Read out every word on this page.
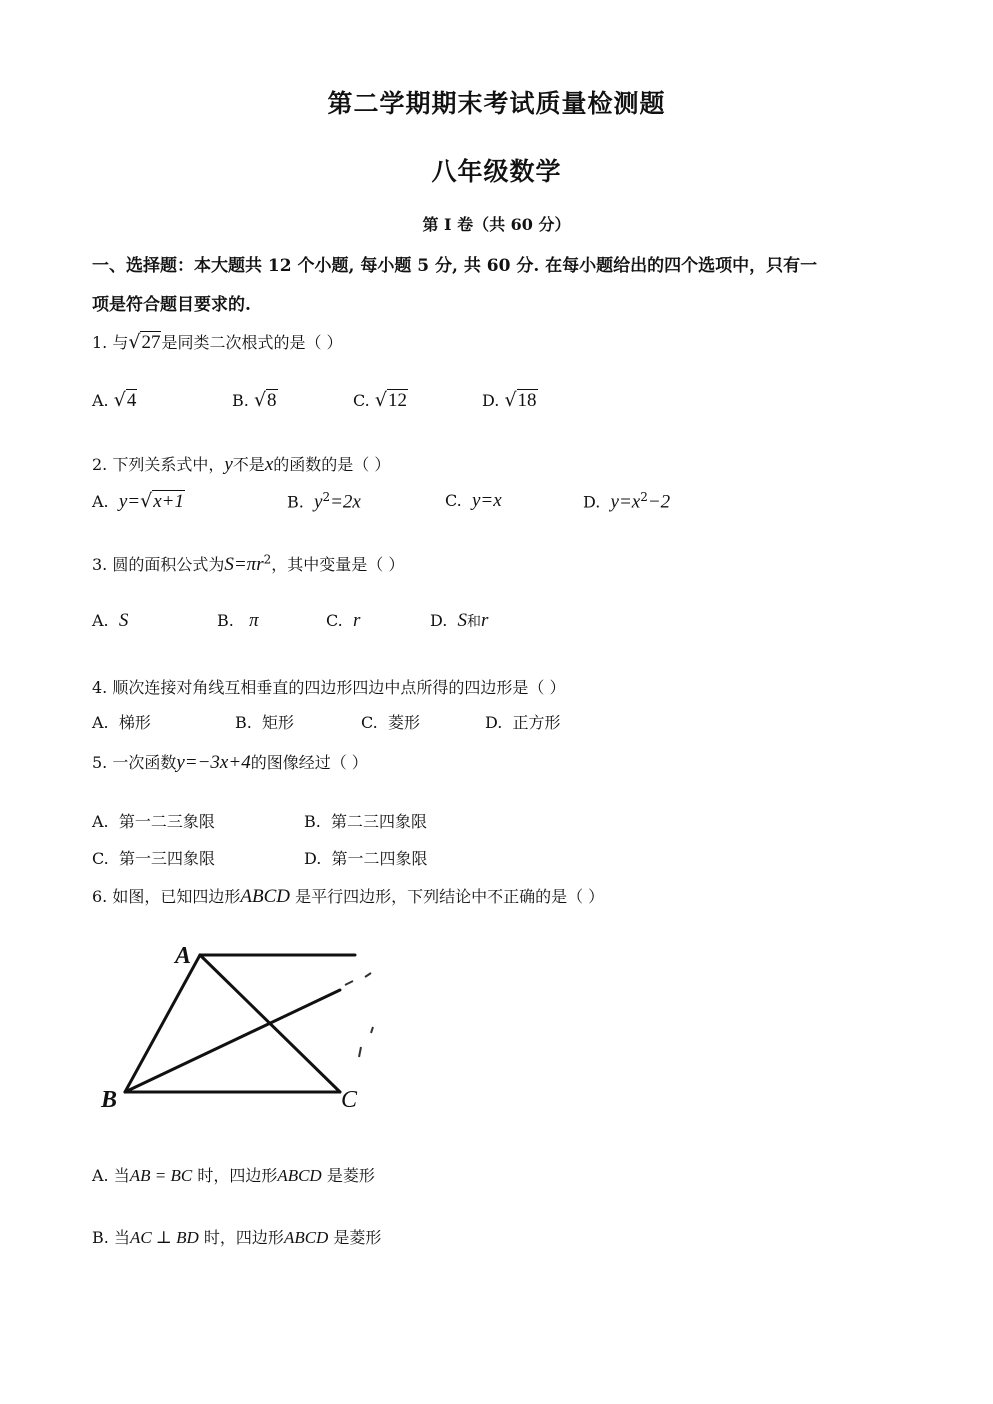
第二学期期末考试质量检测题
八年级数学
第 I 卷（共 60 分）
一、选择题：本大题共 12 个小题, 每小题 5 分, 共 60 分. 在每小题给出的四个选项中，只有一
项是符合题目要求的.
1. 与√27是同类二次根式的是（ ）
A. √4	B. √8	C. √12	D. √18
2. 下列关系式中，y不是x的函数的是（ ）
A. y=√x+1	B. $y^2=2x$	C. y=x	D. $y=x^2-2$
3. 圆的面积公式为$S=\pi r^2$，其中变量是（ ）
A. S	B. π	C. r	D. S和r
4. 顺次连接对角线互相垂直的四边形四边中点所得的四边形是（ ）
A. 梯形	B. 矩形	C. 菱形	D. 正方形
5. 一次函数y=−3x+4的图像经过（ ）
A. 第一二三象限	B. 第二三四象限
C. 第一三四象限	D. 第一二四象限
6. 如图，已知四边形ABCD 是平行四边形，下列结论中不正确的是（ ）
A
B	C
A. 当AB = BC 时，四边形ABCD 是菱形
B. 当AC ⊥ BD 时，四边形ABCD 是菱形
